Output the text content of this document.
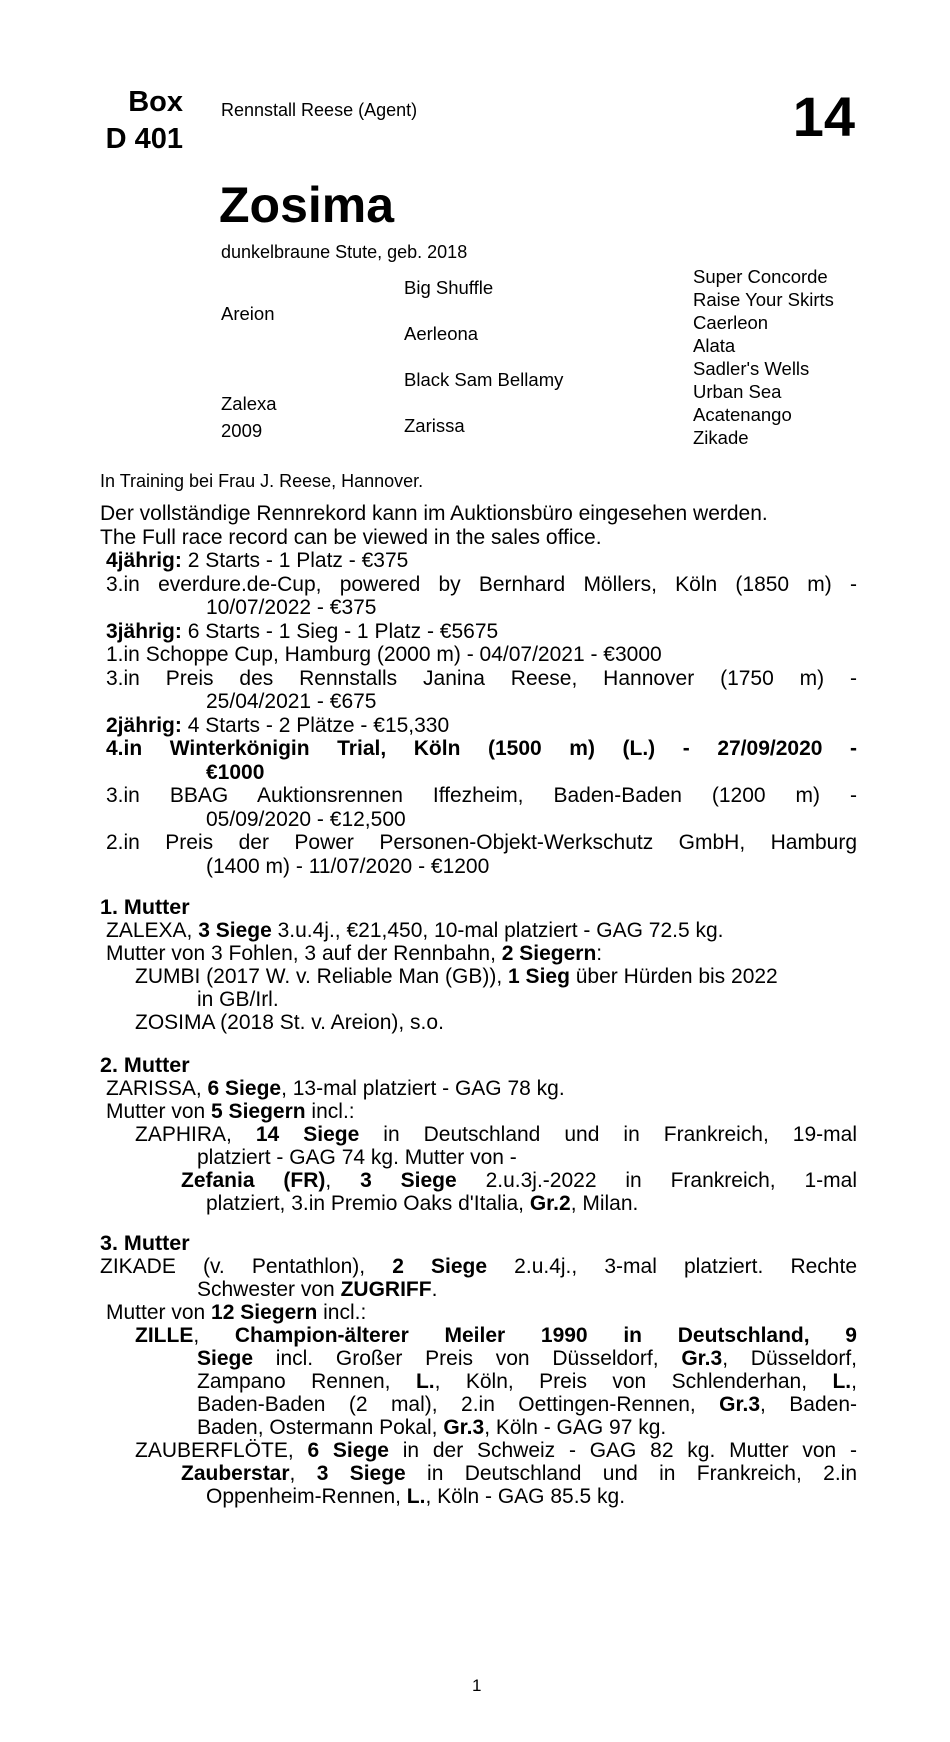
Box
D 401
Rennstall Reese (Agent)	14
Zosima
dunkelbraune Stute, geb. 2018
Areion
Zalexa
2009
Big Shuffle
Aerleona
Black Sam Bellamy
Zarissa
Super Concorde
Raise Your Skirts
Caerleon
Alata
Sadler's Wells
Urban Sea
Acatenango
Zikade
In Training bei Frau J. Reese, Hannover.
Der vollständige Rennrekord kann im Auktionsbüro eingesehen werden.
The Full race record can be viewed in the sales office.
4jährig: 2 Starts - 1 Platz - €375
3.in everdure.de-Cup, powered by Bernhard Möllers, Köln (1850 m) -
10/07/2022 - €375
3jährig: 6 Starts - 1 Sieg - 1 Platz - €5675
1.in Schoppe Cup, Hamburg (2000 m) - 04/07/2021 - €3000
3.in Preis des Rennstalls Janina Reese, Hannover (1750 m) -
25/04/2021 - €675
2jährig: 4 Starts - 2 Plätze - €15,330
4.in Winterkönigin Trial, Köln (1500 m) (L.) - 27/09/2020 -
€1000
3.in BBAG Auktionsrennen Iffezheim, Baden-Baden (1200 m) -
05/09/2020 - €12,500
2.in Preis der Power Personen-Objekt-Werkschutz GmbH, Hamburg
(1400 m) - 11/07/2020 - €1200
1. Mutter
ZALEXA, 3 Siege 3.u.4j., €21,450, 10-mal platziert - GAG 72.5 kg.
Mutter von 3 Fohlen, 3 auf der Rennbahn, 2 Siegern:
ZUMBI (2017 W. v. Reliable Man (GB)), 1 Sieg über Hürden bis 2022
in GB/Irl.
ZOSIMA (2018 St. v. Areion), s.o.
2. Mutter
ZARISSA, 6 Siege, 13-mal platziert - GAG 78 kg.
Mutter von 5 Siegern incl.:
ZAPHIRA, 14 Siege in Deutschland und in Frankreich, 19-mal
platziert - GAG 74 kg. Mutter von -
Zefania (FR), 3 Siege 2.u.3j.-2022 in Frankreich, 1-mal
platziert, 3.in Premio Oaks d'Italia, Gr.2, Milan.
3. Mutter
ZIKADE (v. Pentathlon), 2 Siege 2.u.4j., 3-mal platziert. Rechte
Schwester von ZUGRIFF.
Mutter von 12 Siegern incl.:
ZILLE, Champion-älterer Meiler 1990 in Deutschland, 9
Siege incl. Großer Preis von Düsseldorf, Gr.3, Düsseldorf,
Zampano Rennen, L., Köln, Preis von Schlenderhan, L.,
Baden-Baden (2 mal), 2.in Oettingen-Rennen, Gr.3, Baden-
Baden, Ostermann Pokal, Gr.3, Köln - GAG 97 kg.
ZAUBERFLÖTE, 6 Siege in der Schweiz - GAG 82 kg. Mutter von -
Zauberstar, 3 Siege in Deutschland und in Frankreich, 2.in
Oppenheim-Rennen, L., Köln - GAG 85.5 kg.
1
